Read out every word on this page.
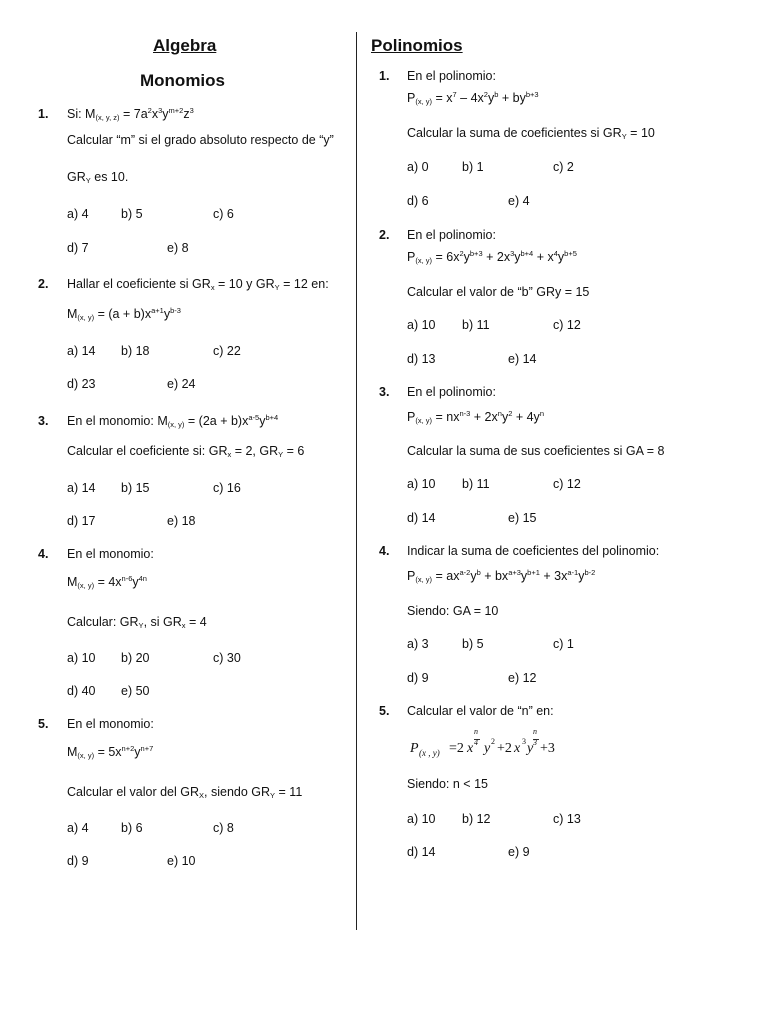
Algebra
Monomios
Polinomios
1. Si: $M_{(x, y, z)} = 7a^2x^3y^{m+2}z^3$
Calcular “m” si el grado absoluto respecto de “y”
$GR_Y$ es 10.
a) 4	b) 5	c) 6
d) 7	e) 8
2. Hallar el coeficiente si $GR_x = 10$ y $GR_Y = 12$ en:
$M_{(x, y)} = (a + b)x^{a+1}y^{b-3}$
a) 14 b) 18	c) 22
d) 23	e) 24
3. En el monomio: $M_{(x, y)} = (2a + b)x^{a-5}y^{b+4}$
Calcular el coeficiente si: $GR_x = 2$, $GR_Y = 6$
a) 14 b) 15	c) 16
d) 17	e) 18
4. En el monomio:
$M_{(x, y)} = 4x^{n-6}y^{4n}$
Calcular: $GR_Y$, si $GR_x = 4$
a) 10 b) 20	c) 30
d) 40 e) 50
5. En el monomio:
$M_{(x, y)} = 5x^{n+2}y^{n+7}$
Calcular el valor del $GR_X$, siendo $GR_Y = 11$
a) 4	b) 6	c) 8
d) 9	e) 10
1. En el polinomio:
$P_{(x, y)} = x^7 - 4x^2y^b + by^{b+3}$
Calcular la suma de coeficientes si $GR_Y = 10$
a) 0	b) 1	c) 2
d) 6	e) 4
2. En el polinomio:
$P_{(x, y)} = 6x^2y^{b+3} + 2x^3y^{b+4} + x^4y^{b+5}$
Calcular el valor de “b” GRy = 15
a) 10 b) 11	c) 12
d) 13	e) 14
3. En el polinomio:
$P_{(x, y)} = nx^{n-3} + 2x^ny^2 + 4y^n$
Calcular la suma de sus coeficientes si GA = 8
a) 10 b) 11	c) 12
d) 14	e) 15
4. Indicar la suma de coeficientes del polinomio:
$P_{(x, y)} = ax^{a-2}y^b + bx^{a+3}y^{b+1} + 3x^{a-1}y^{b-2}$
Siendo: GA = 10
a) 3	b) 5	c) 1
d) 9	e) 12
5. Calcular el valor de “n” en:
Siendo: n < 15
a) 10 b) 12	c) 13
d) 14	e) 9
P (x , y) =2 x
n
4 y 2 +2 x 3 y
n
3 +3
